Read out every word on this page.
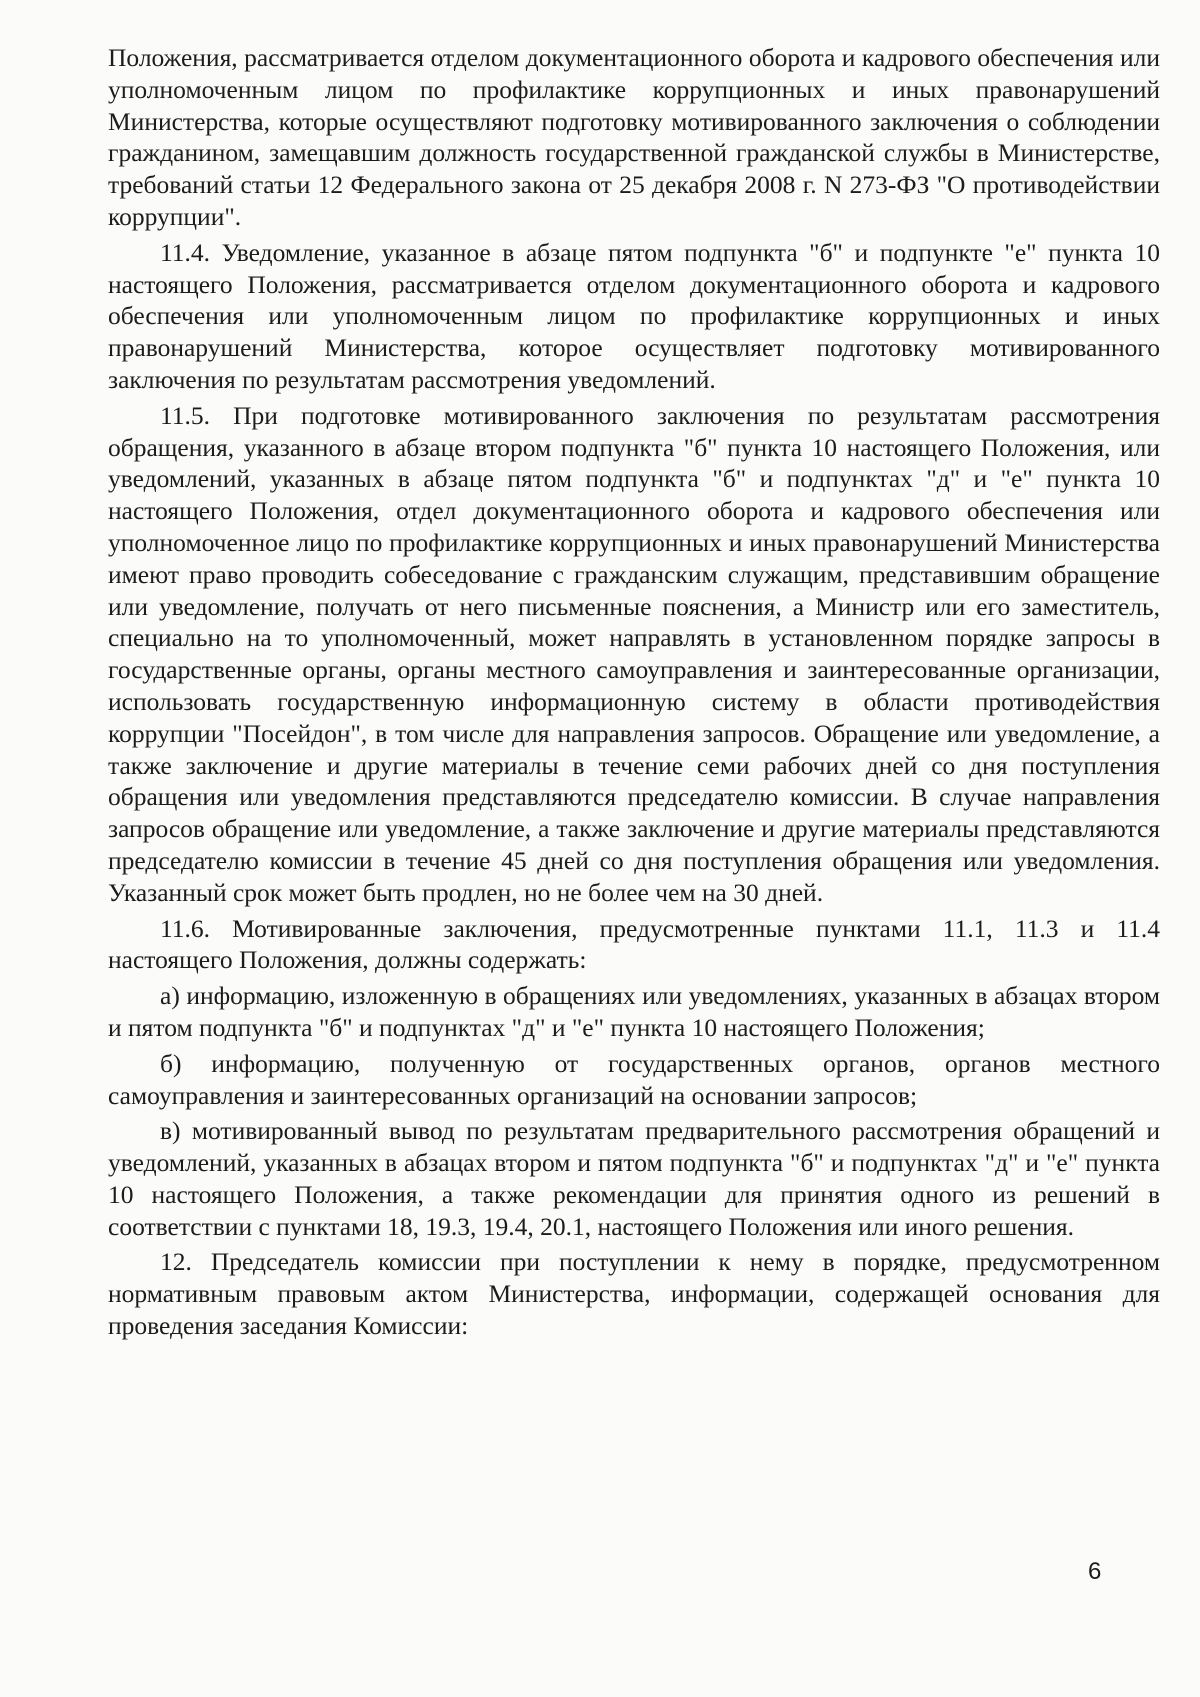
Положения, рассматривается отделом документационного оборота и кадрового обеспечения или уполномоченным лицом по профилактике коррупционных и иных правонарушений Министерства, которые осуществляют подготовку мотивированного заключения о соблюдении гражданином, замещавшим должность государственной гражданской службы в Министерстве, требований статьи 12 Федерального закона от 25 декабря 2008 г. N 273-ФЗ "О противодействии коррупции".

11.4. Уведомление, указанное в абзаце пятом подпункта "б" и подпункте "е" пункта 10 настоящего Положения, рассматривается отделом документационного оборота и кадрового обеспечения или уполномоченным лицом по профилактике коррупционных и иных правонарушений Министерства, которое осуществляет подготовку мотивированного заключения по результатам рассмотрения уведомлений.

11.5. При подготовке мотивированного заключения по результатам рассмотрения обращения, указанного в абзаце втором подпункта "б" пункта 10 настоящего Положения, или уведомлений, указанных в абзаце пятом подпункта "б" и подпунктах "д" и "е" пункта 10 настоящего Положения, отдел документационного оборота и кадрового обеспечения или уполномоченное лицо по профилактике коррупционных и иных правонарушений Министерства имеют право проводить собеседование с гражданским служащим, представившим обращение или уведомление, получать от него письменные пояснения, а Министр или его заместитель, специально на то уполномоченный, может направлять в установленном порядке запросы в государственные органы, органы местного самоуправления и заинтересованные организации, использовать государственную информационную систему в области противодействия коррупции "Посейдон", в том числе для направления запросов. Обращение или уведомление, а также заключение и другие материалы в течение семи рабочих дней со дня поступления обращения или уведомления представляются председателю комиссии. В случае направления запросов обращение или уведомление, а также заключение и другие материалы представляются председателю комиссии в течение 45 дней со дня поступления обращения или уведомления. Указанный срок может быть продлен, но не более чем на 30 дней.

11.6. Мотивированные заключения, предусмотренные пунктами 11.1, 11.3 и 11.4 настоящего Положения, должны содержать:

а) информацию, изложенную в обращениях или уведомлениях, указанных в абзацах втором и пятом подпункта "б" и подпунктах "д" и "е" пункта 10 настоящего Положения;

б) информацию, полученную от государственных органов, органов местного самоуправления и заинтересованных организаций на основании запросов;

в) мотивированный вывод по результатам предварительного рассмотрения обращений и уведомлений, указанных в абзацах втором и пятом подпункта "б" и подпунктах "д" и "е" пункта 10 настоящего Положения, а также рекомендации для принятия одного из решений в соответствии с пунктами 18, 19.3, 19.4, 20.1, настоящего Положения или иного решения.

12. Председатель комиссии при поступлении к нему в порядке, предусмотренном нормативным правовым актом Министерства, информации, содержащей основания для проведения заседания Комиссии:

6
